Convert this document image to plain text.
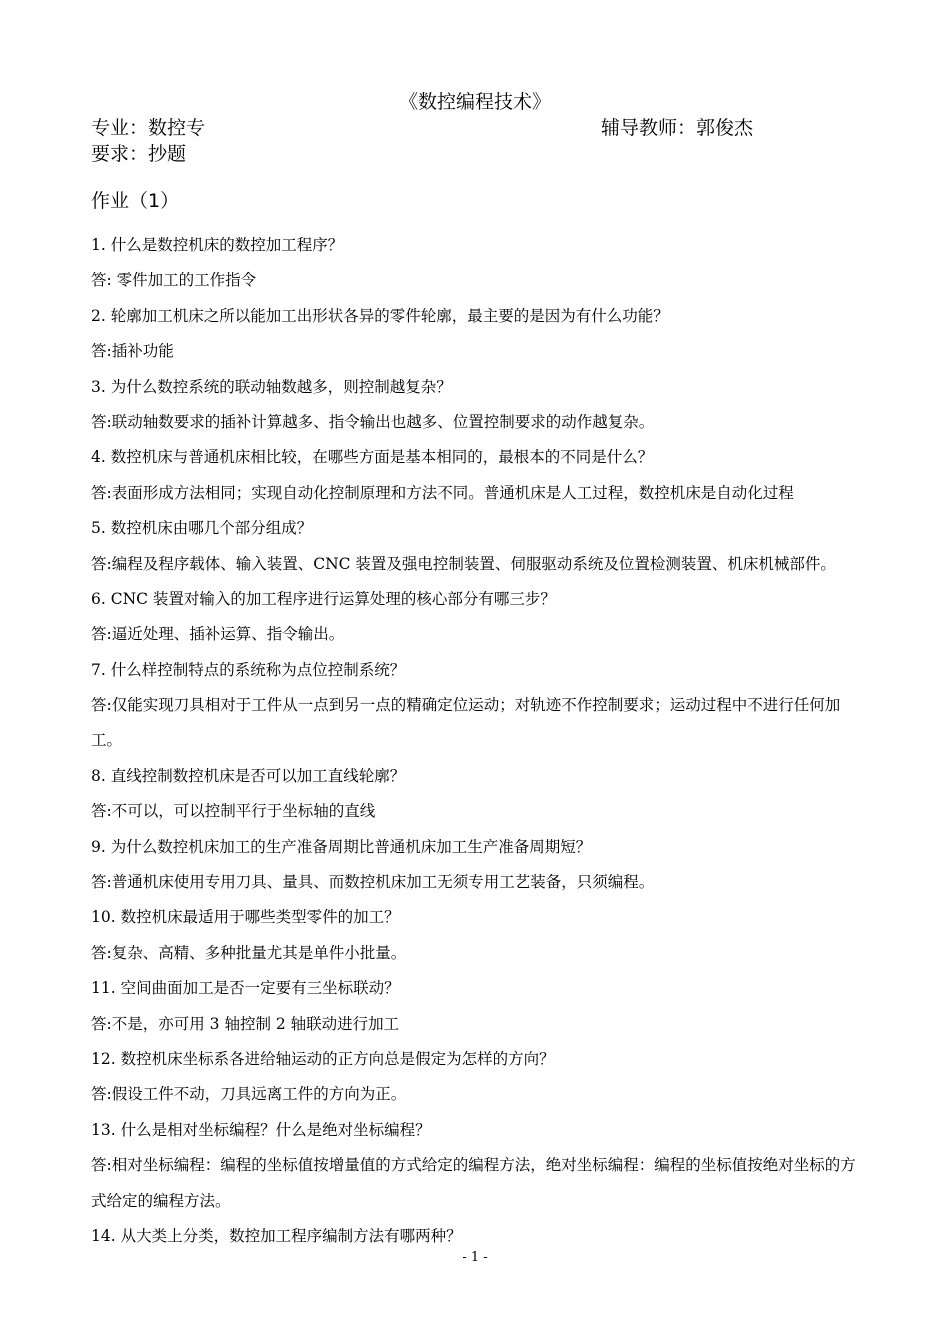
《数控编程技术》
专业：数控专	辅导教师：郭俊杰
要求：抄题
作业（1）

1. 什么是数控机床的数控加工程序？

答: 零件加工的工作指令

2. 轮廓加工机床之所以能加工出形状各异的零件轮廓，最主要的是因为有什么功能？

答:插补功能

3. 为什么数控系统的联动轴数越多，则控制越复杂？

答:联动轴数要求的插补计算越多、指令输出也越多、位置控制要求的动作越复杂。

4. 数控机床与普通机床相比较，在哪些方面是基本相同的，最根本的不同是什么？

答:表面形成方法相同；实现自动化控制原理和方法不同。普通机床是人工过程，数控机床是自动化过程

5. 数控机床由哪几个部分组成？

答:编程及程序载体、输入装置、CNC 装置及强电控制装置、伺服驱动系统及位置检测装置、机床机械部件。

6. CNC 装置对输入的加工程序进行运算处理的核心部分有哪三步？

答:逼近处理、插补运算、指令输出。

7. 什么样控制特点的系统称为点位控制系统？

答:仅能实现刀具相对于工件从一点到另一点的精确定位运动；对轨迹不作控制要求；运动过程中不进行任何加工。

8. 直线控制数控机床是否可以加工直线轮廓？

答:不可以，可以控制平行于坐标轴的直线

9. 为什么数控机床加工的生产准备周期比普通机床加工生产准备周期短？

答:普通机床使用专用刀具、量具、而数控机床加工无须专用工艺装备，只须编程。

10. 数控机床最适用于哪些类型零件的加工？

答:复杂、高精、多种批量尤其是单件小批量。

11. 空间曲面加工是否一定要有三坐标联动？

答:不是，亦可用 3 轴控制 2 轴联动进行加工

12. 数控机床坐标系各进给轴运动的正方向总是假定为怎样的方向？

答:假设工件不动，刀具远离工件的方向为正。

13. 什么是相对坐标编程？什么是绝对坐标编程？

答:相对坐标编程：编程的坐标值按增量值的方式给定的编程方法，绝对坐标编程：编程的坐标值按绝对坐标的方式给定的编程方法。

14. 从大类上分类，数控加工程序编制方法有哪两种？

- 1 -
